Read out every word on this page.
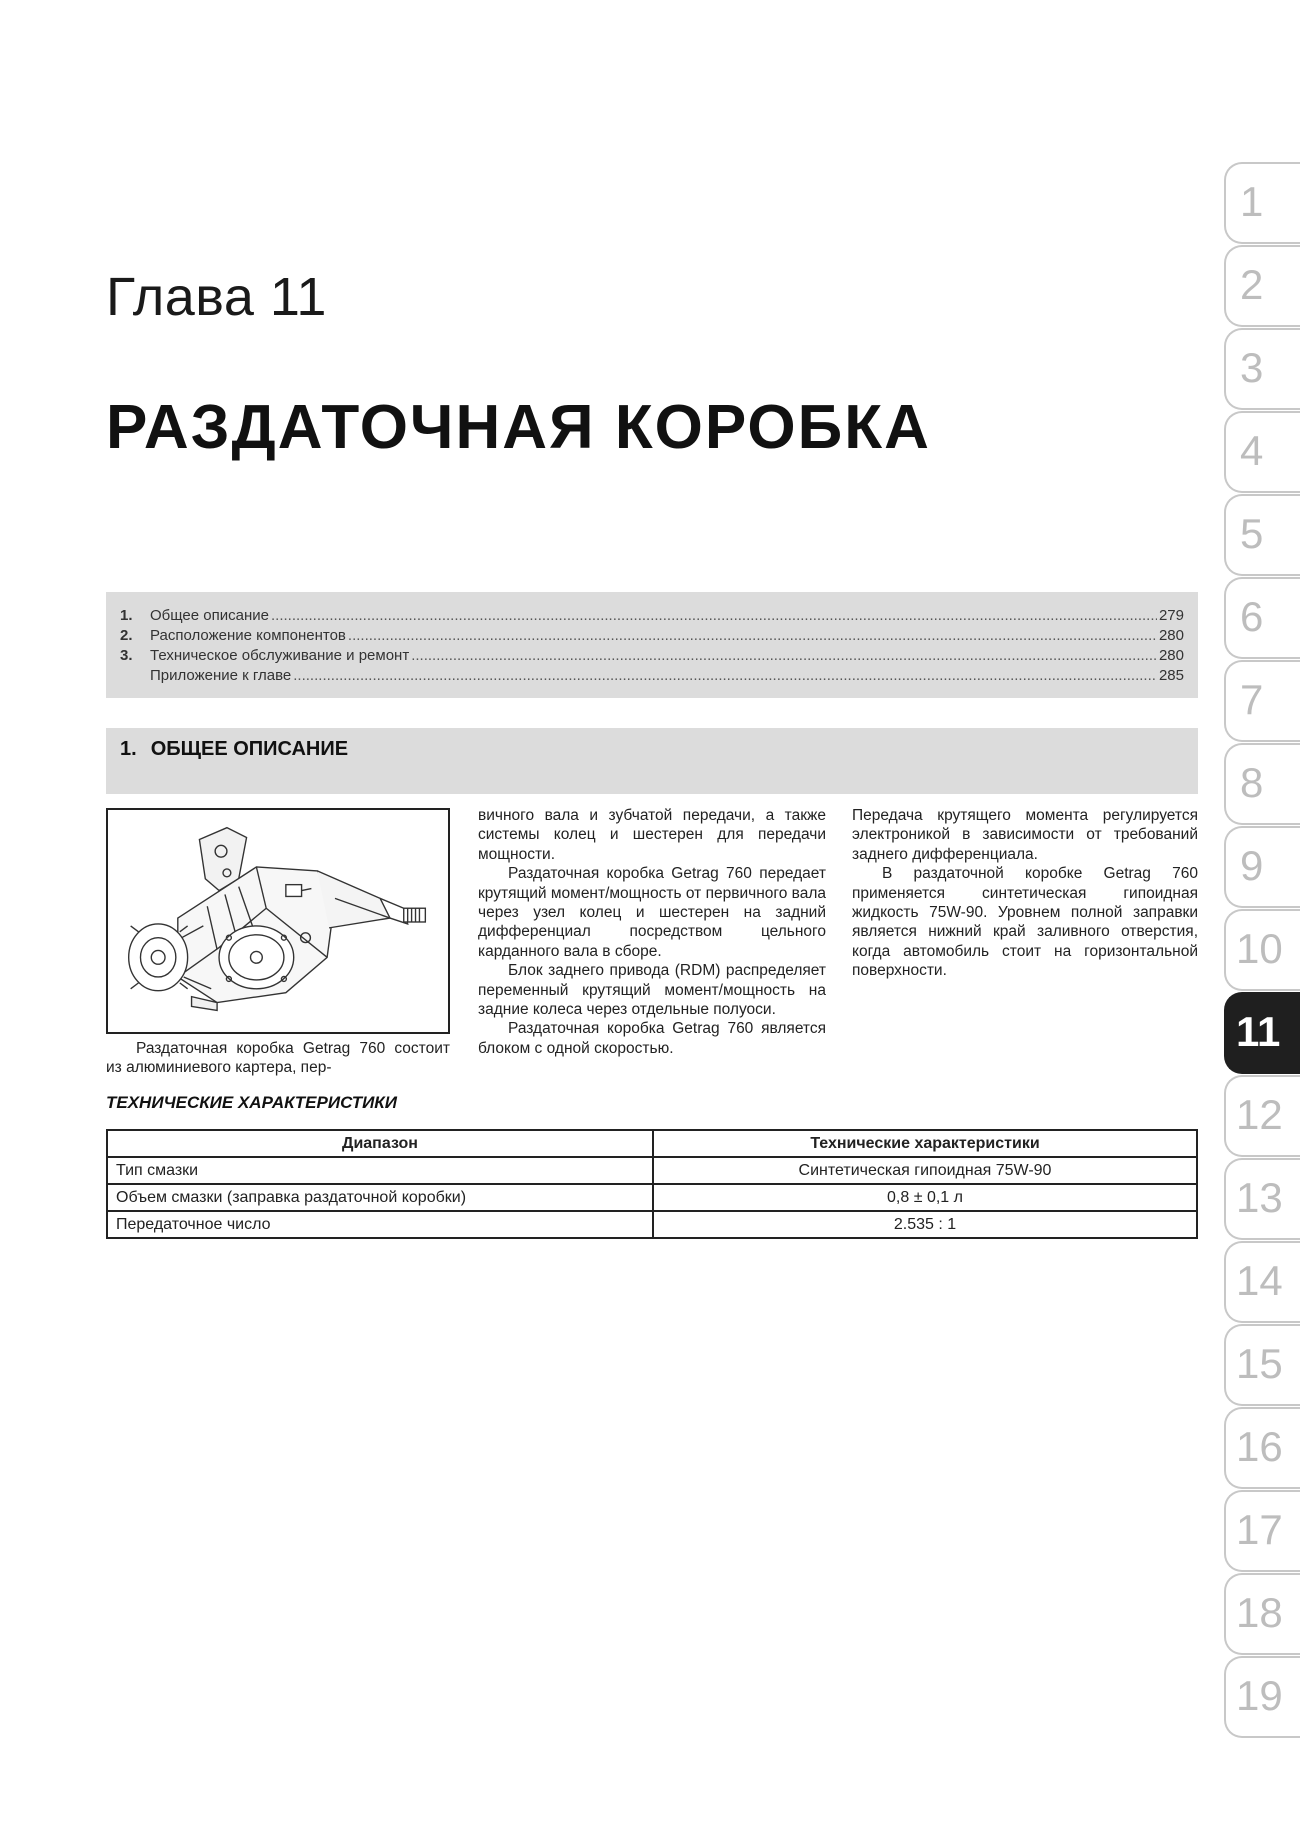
Глава 11
РАЗДАТОЧНАЯ КОРОБКА
1.	Общее описание .....	279
2.	Расположение компонентов .....	280
3.	Техническое обслуживание и ремонт .....	280
Приложение к главе .....	285
1. ОБЩЕЕ ОПИСАНИЕ

Раздаточная коробка Getrag 760 состоит из алюминиевого картера, пер-

вичного вала и зубчатой передачи, а также системы колец и шестерен для передачи мощности.

Раздаточная коробка Getrag 760 передает крутящий момент/мощность от первичного вала через узел колец и шестерен на задний дифференциал посредством цельного карданного вала в сборе.

Блок заднего привода (RDM) распределяет переменный крутящий момент/мощность на задние колеса через отдельные полуоси.

Раздаточная коробка Getrag 760 является блоком с одной скоростью.

Передача крутящего момента регулируется электроникой в зависимости от требований заднего дифференциала.

В раздаточной коробке Getrag 760 применяется синтетическая гипоидная жидкость 75W-90. Уровнем полной заправки является нижний край заливного отверстия, когда автомобиль стоит на горизонтальной поверхности.

ТЕХНИЧЕСКИЕ ХАРАКТЕРИСТИКИ
Диапазон	Технические характеристики
Тип смазки	Синтетическая гипоидная 75W-90
Объем смазки (заправка раздаточной коробки)	0,8 ± 0,1 л
Передаточное число	2.535 : 1
1
2
3
4
5
6
7
8
9
10
11
12
13
14
15
16
17
18
19
